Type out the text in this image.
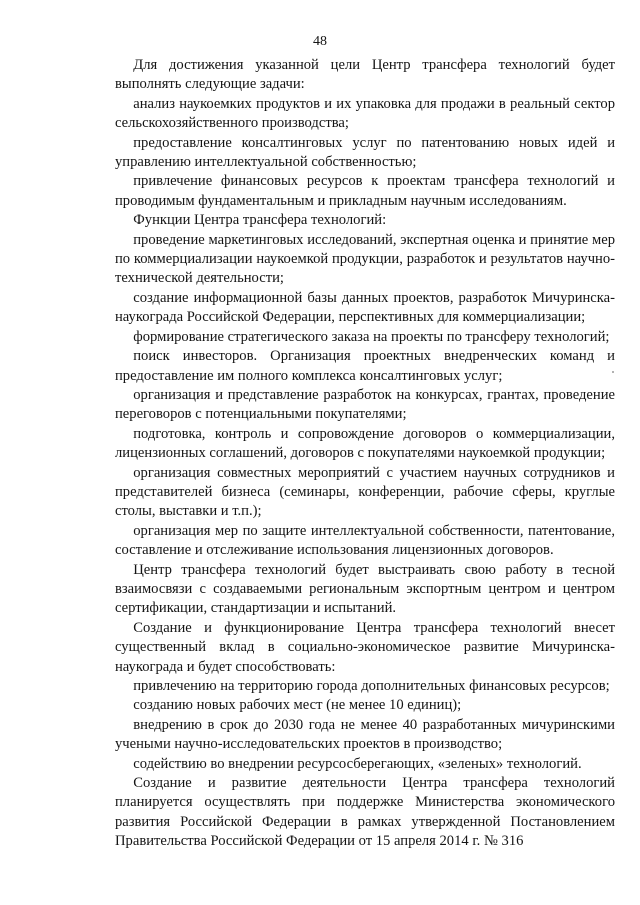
48

Для достижения указанной цели Центр трансфера технологий будет выполнять следующие задачи:

анализ наукоемких продуктов и их упаковка для продажи в реальный сектор сельскохозяйственного производства;

предоставление консалтинговых услуг по патентованию новых идей и управлению интеллектуальной собственностью;

привлечение финансовых ресурсов к проектам трансфера технологий и проводимым фундаментальным и прикладным научным исследованиям.

Функции Центра трансфера технологий:

проведение маркетинговых исследований, экспертная оценка и принятие мер по коммерциализации наукоемкой продукции, разработок и результатов научно-технической деятельности;

создание информационной базы данных проектов, разработок Мичуринска-наукограда Российской Федерации, перспективных для коммерциализации;

формирование стратегического заказа на проекты по трансферу технологий;

поиск инвесторов. Организация проектных внедренческих команд и предоставление им полного комплекса консалтинговых услуг;

организация и представление разработок на конкурсах, грантах, проведение переговоров с потенциальными покупателями;

подготовка, контроль и сопровождение договоров о коммерциализации, лицензионных соглашений, договоров с покупателями наукоемкой продукции;

организация совместных мероприятий с участием научных сотрудников и представителей бизнеса (семинары, конференции, рабочие сферы, круглые столы, выставки и т.п.);

организация мер по защите интеллектуальной собственности, патентование, составление и отслеживание использования лицензионных договоров.

Центр трансфера технологий будет выстраивать свою работу в тесной взаимосвязи с создаваемыми региональным экспортным центром и центром сертификации, стандартизации и испытаний.

Создание и функционирование Центра трансфера технологий внесет существенный вклад в социально-экономическое развитие Мичуринска-наукограда и будет способствовать:

привлечению на территорию города дополнительных финансовых ресурсов;

созданию новых рабочих мест (не менее 10 единиц);

внедрению в срок до 2030 года не менее 40 разработанных мичуринскими учеными научно-исследовательских проектов в производство;

содействию во внедрении ресурсосберегающих, «зеленых» технологий.

Создание и развитие деятельности Центра трансфера технологий планируется осуществлять при поддержке Министерства экономического развития Российской Федерации в рамках утвержденной Постановлением Правительства Российской Федерации от 15 апреля 2014 г. № 316
